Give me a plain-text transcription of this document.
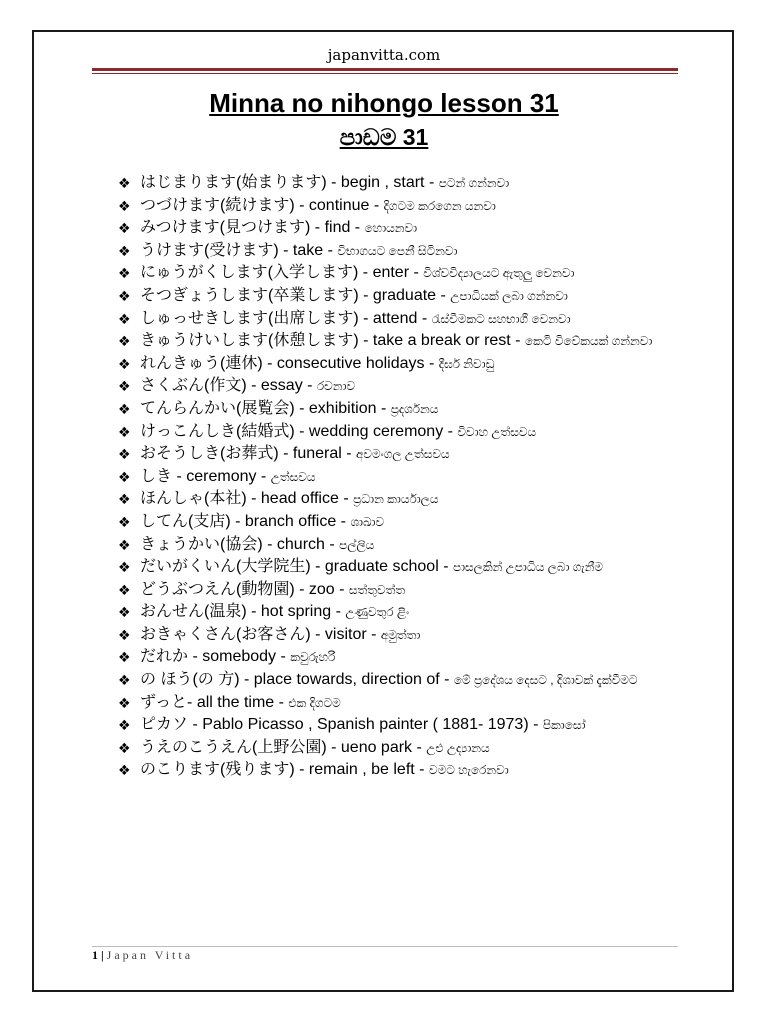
japanvitta.com
Minna no nihongo lesson 31
පාඩම 31
❖ はじまります(始まります) - begin , start - පටන් ගන්නවා
❖ つづけます(続けます) - continue - දිගටම කරගෙන යනවා
❖ みつけます(見つけます) - find - හොයනවා
❖ うけます(受けます) - take - විභාගයට පෙනී සිටිනවා
❖ にゅうがくします(入学します) - enter - විශ්වවිද්‍යාලයට ඇතුලු වෙනවා
❖ そつぎょうします(卒業します) - graduate - උපාධියක් ලබා ගන්නවා
❖ しゅっせきします(出席します) - attend - රැස්වීමකට සහභාගී වෙනවා
❖ きゅうけいします(休憩します) - take a break or rest - කෙටි විවේකයක් ගන්නවා
❖ れんきゅう(連休) - consecutive holidays - දීර්ඝ නිවාඩු
❖ さくぶん(作文) - essay - රචනාව
❖ てんらんかい(展覧会) - exhibition - ප්‍රදර්ශනය
❖ けっこんしき(結婚式) - wedding ceremony - විවාහ උත්සවය
❖ おそうしき(お葬式) - funeral - අවමංගල උත්සවය
❖ しき - ceremony - උත්සවය
❖ ほんしゃ(本社) - head office - ප්‍රධාන කාර්යාලය
❖ してん(支店) - branch office - ශාඛාව
❖ きょうかい(協会) - church - පල්ලිය
❖ だいがくいん(大学院生) - graduate school - පාසලකින් උපාධිය ලබා ගැනීම
❖ どうぶつえん(動物園) - zoo - සත්තුවත්ත
❖ おんせん(温泉) - hot spring - උණුවතුර ළිං
❖ おきゃくさん(お客さん) - visitor - අමුත්තා
❖ だれか - somebody - කවුරුහරි
❖ の ほう(の 方) - place towards, direction of - මේ ප්‍රදේශය දෙසට , දිශාවක් දැක්වීමට
❖ ずっと- all the time - එක දිගටම
❖ ピカソ - Pablo Picasso , Spanish painter ( 1881- 1973) - පිකාසෝ
❖ うえのこうえん(上野公園) - ueno park - උඑ උද්‍යානය
❖ のこります(残ります) - remain , be left - වමට හැරෙනවා
1 | Japan Vitta
